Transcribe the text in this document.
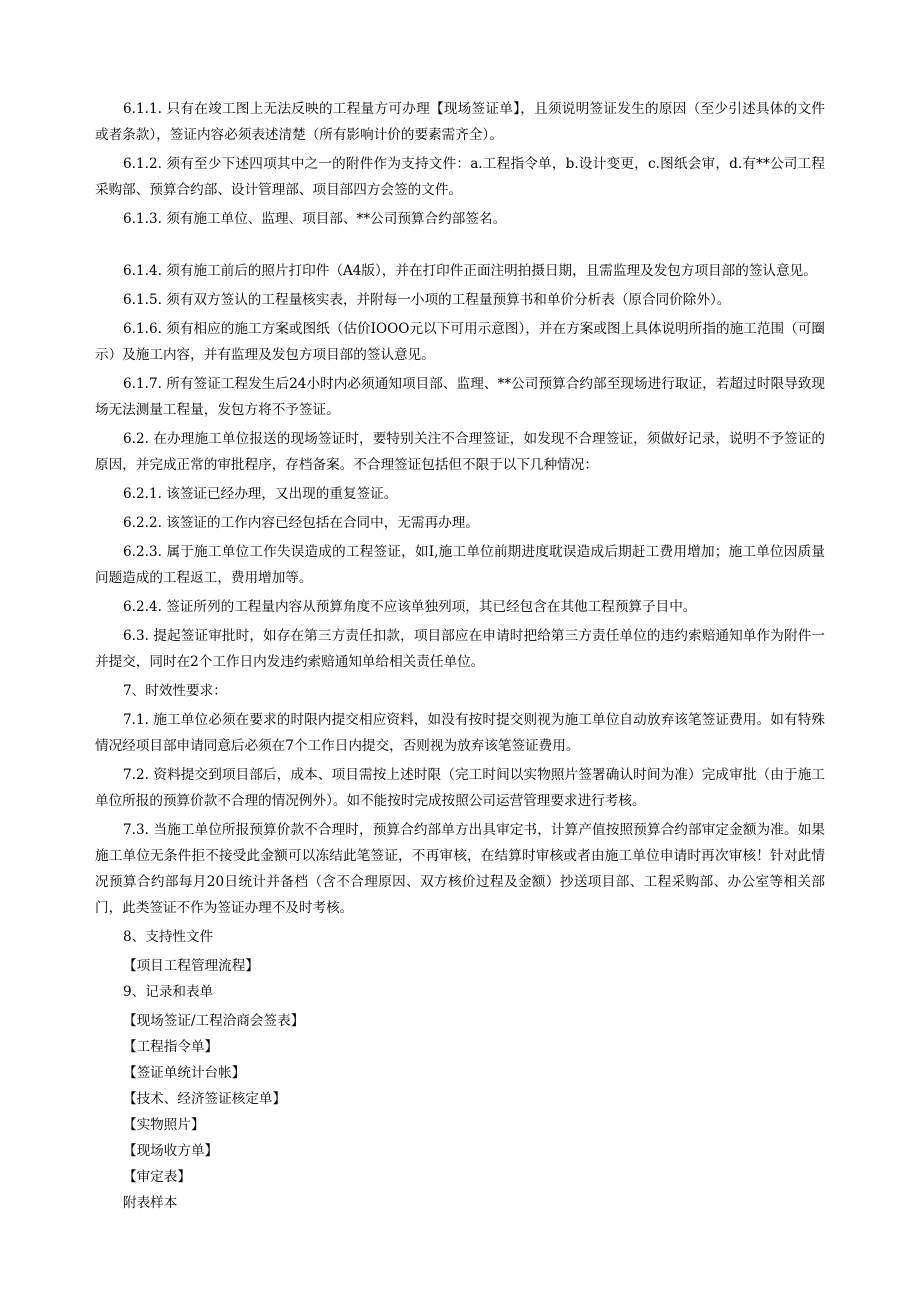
6.1.1. 只有在竣工图上无法反映的工程量方可办理【现场签证单】，且须说明签证发生的原因（至少引述具体的文件或者条款），签证内容必须表述清楚（所有影响计价的要素需齐全）。

6.1.2. 须有至少下述四项其中之一的附件作为支持文件：a.工程指令单，b.设计变更，c.图纸会审，d.有**公司工程采购部、预算合约部、设计管理部、项目部四方会签的文件。

6.1.3. 须有施工单位、监理、项目部、**公司预算合约部签名。

6.1.4. 须有施工前后的照片打印件（A4版），并在打印件正面注明拍摄日期，且需监理及发包方项目部的签认意见。

6.1.5. 须有双方签认的工程量核实表，并附每一小项的工程量预算书和单价分析表（原合同价除外）。

6.1.6. 须有相应的施工方案或图纸（估价IOOO元以下可用示意图），并在方案或图上具体说明所指的施工范围（可圈示）及施工内容，并有监理及发包方项目部的签认意见。

6.1.7. 所有签证工程发生后24小时内必须通知项目部、监理、**公司预算合约部至现场进行取证，若超过时限导致现场无法测量工程量，发包方将不予签证。

6.2. 在办理施工单位报送的现场签证时，要特别关注不合理签证，如发现不合理签证，须做好记录，说明不予签证的原因，并完成正常的审批程序，存档备案。不合理签证包括但不限于以下几种情况：

6.2.1. 该签证已经办理，又出现的重复签证。

6.2.2. 该签证的工作内容已经包括在合同中，无需再办理。

6.2.3. 属于施工单位工作失误造成的工程签证，如I,施工单位前期进度耽误造成后期赶工费用增加；施工单位因质量问题造成的工程返工，费用增加等。

6.2.4. 签证所列的工程量内容从预算角度不应该单独列项，其已经包含在其他工程预算子目中。

6.3. 提起签证审批时，如存在第三方责任扣款，项目部应在申请时把给第三方责任单位的违约索赔通知单作为附件一并提交，同时在2个工作日内发违约索赔通知单给相关责任单位。

7、时效性要求：

7.1. 施工单位必须在要求的时限内提交相应资料，如没有按时提交则视为施工单位自动放弃该笔签证费用。如有特殊情况经项目部申请同意后必须在7个工作日内提交，否则视为放弃该笔签证费用。

7.2. 资料提交到项目部后，成本、项目需按上述时限（完工时间以实物照片签署确认时间为准）完成审批（由于施工单位所报的预算价款不合理的情况例外）。如不能按时完成按照公司运营管理要求进行考核。

7.3. 当施工单位所报预算价款不合理时，预算合约部单方出具审定书，计算产值按照预算合约部审定金额为准。如果施工单位无条件拒不接受此金额可以冻结此笔签证，不再审核，在结算时审核或者由施工单位申请时再次审核！针对此情况预算合约部每月20日统计并备档（含不合理原因、双方核价过程及金额）抄送项目部、工程采购部、办公室等相关部门，此类签证不作为签证办理不及时考核。

8、支持性文件

【项目工程管理流程】

9、记录和表单

【现场签证/工程洽商会签表】

【工程指令单】

【签证单统计台帐】

【技术、经济签证核定单】

【实物照片】

【现场收方单】

【审定表】

附表样本
